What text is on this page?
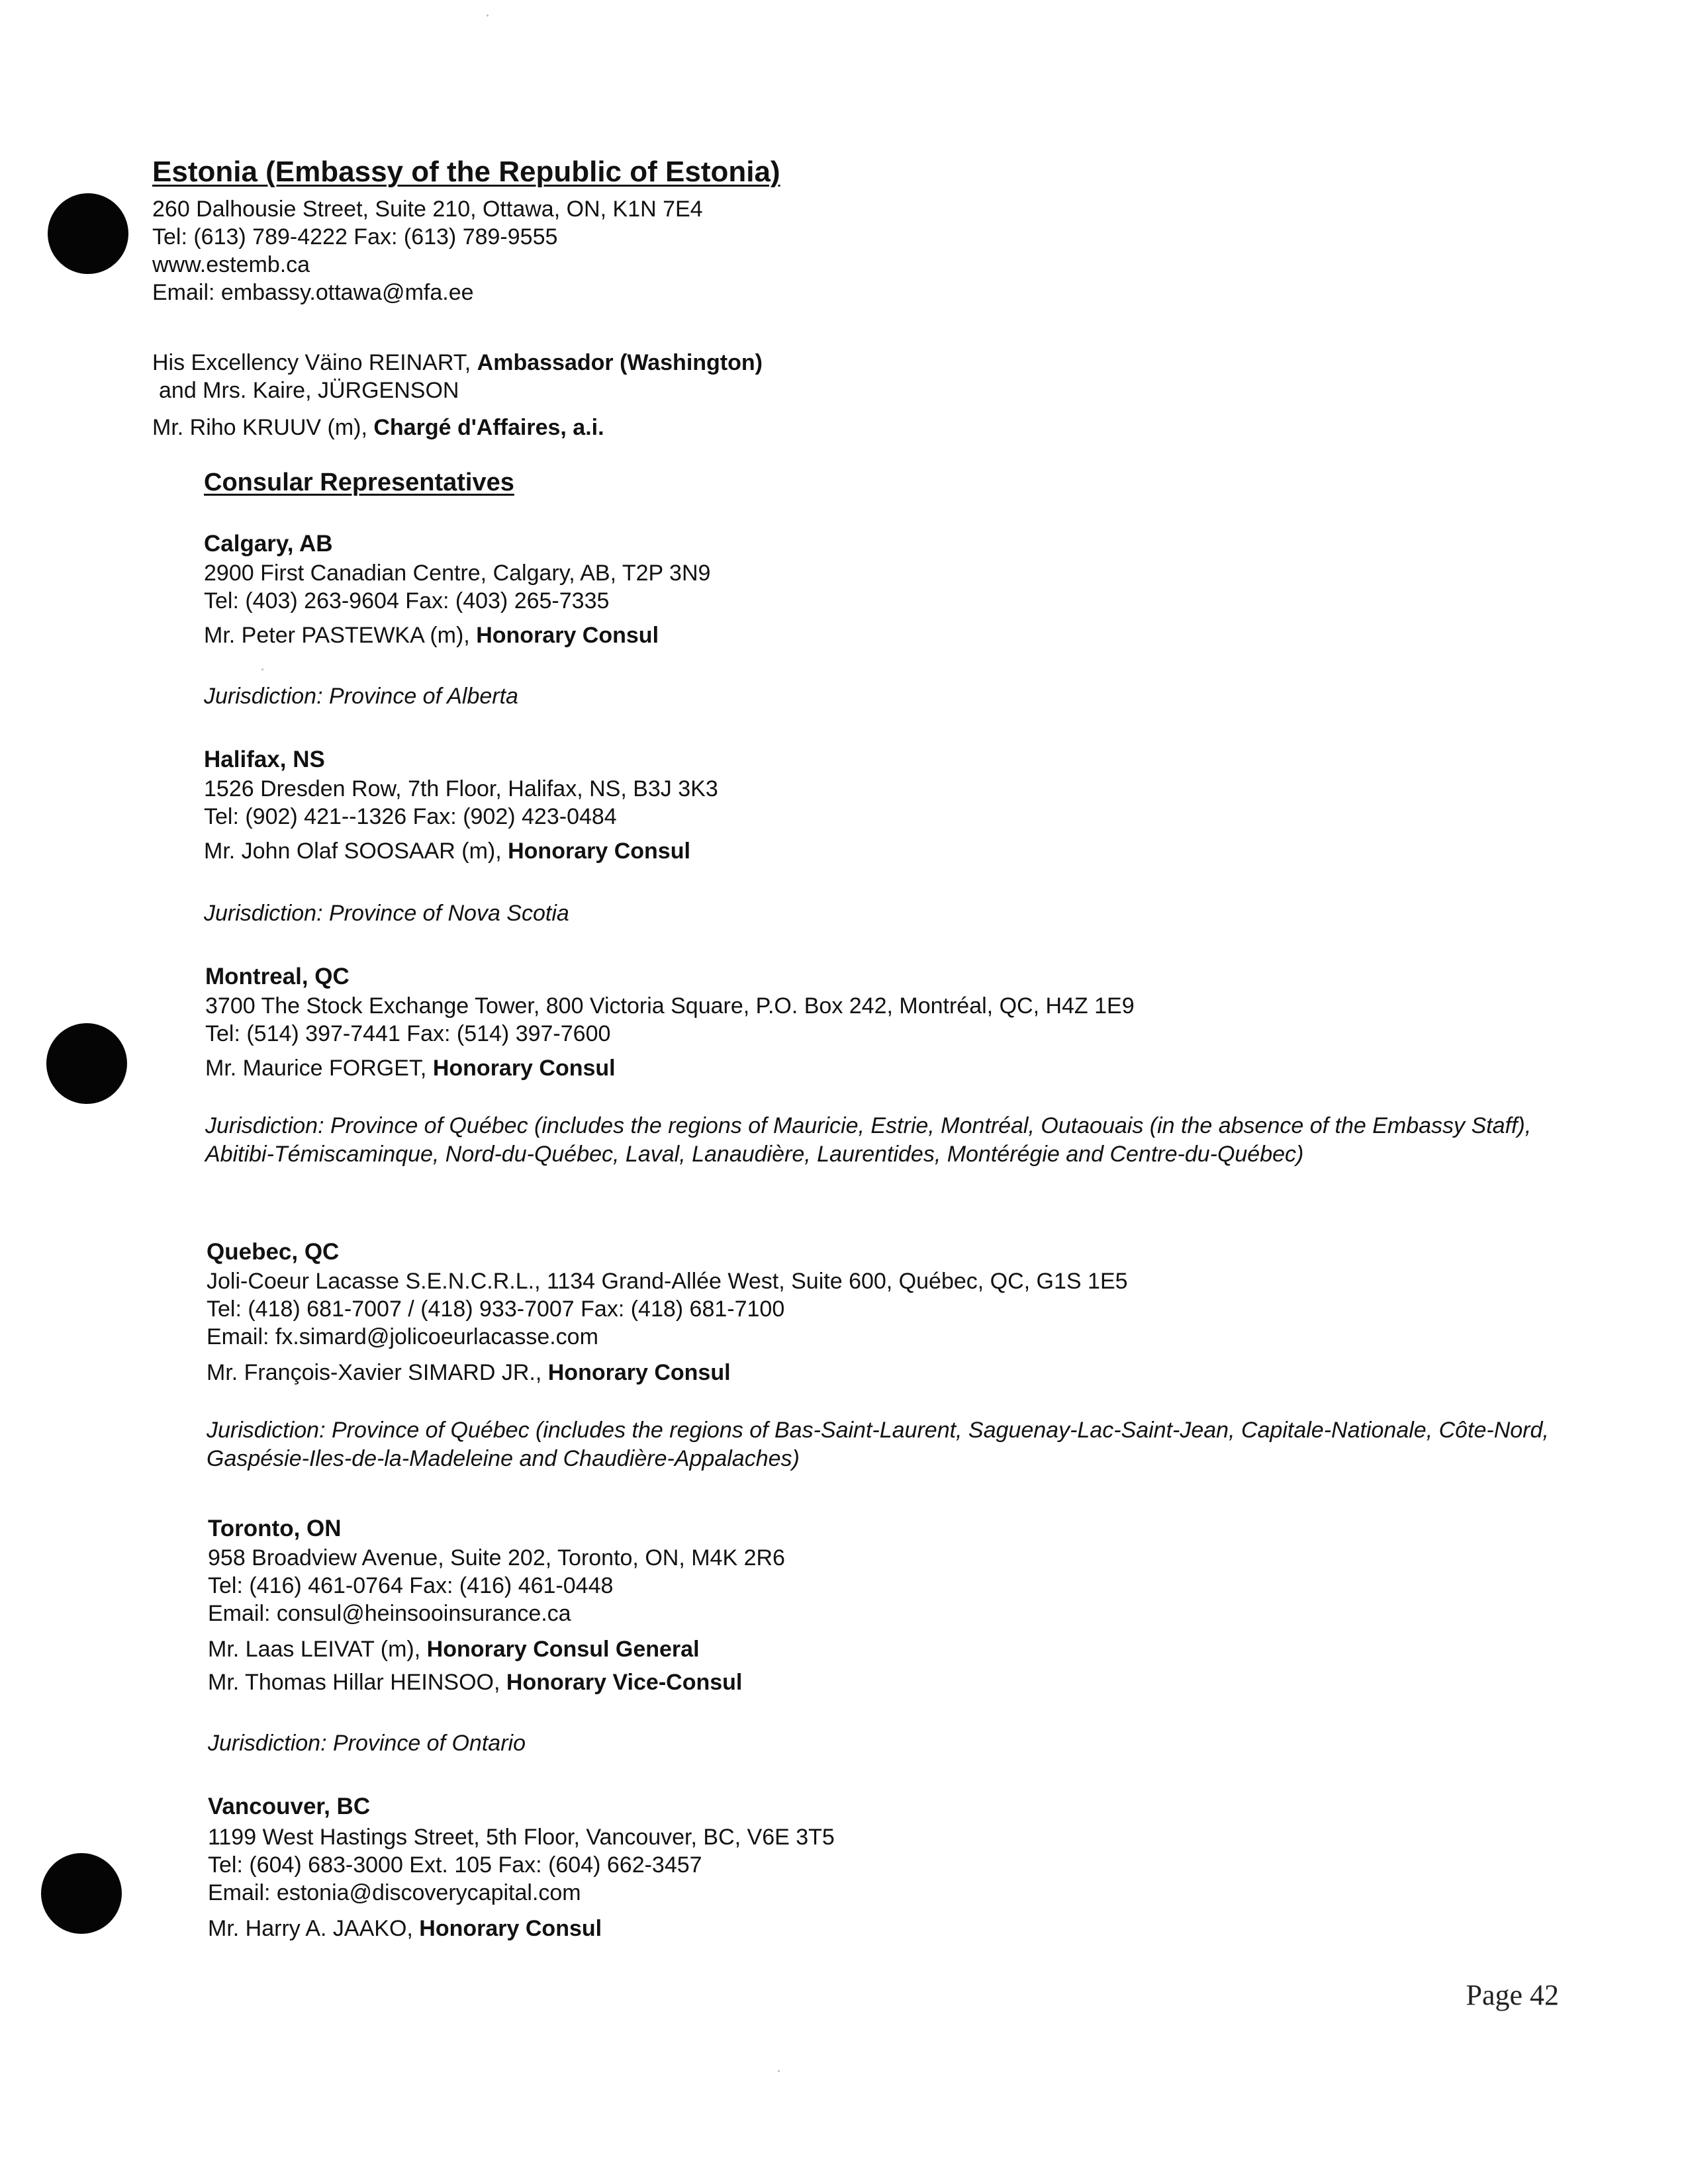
Estonia (Embassy of the Republic of Estonia)
260 Dalhousie Street, Suite 210, Ottawa, ON, K1N 7E4
Tel: (613) 789-4222 Fax: (613) 789-9555
www.estemb.ca
Email: embassy.ottawa@mfa.ee
His Excellency Väino REINART, Ambassador (Washington)
and Mrs. Kaire, JÜRGENSON
Mr. Riho KRUUV (m), Chargé d'Affaires, a.i.
Consular Representatives
Calgary, AB
2900 First Canadian Centre, Calgary, AB, T2P 3N9
Tel: (403) 263-9604 Fax: (403) 265-7335
Mr. Peter PASTEWKA (m), Honorary Consul
Jurisdiction: Province of Alberta
Halifax, NS
1526 Dresden Row, 7th Floor, Halifax, NS, B3J 3K3
Tel: (902) 421--1326 Fax: (902) 423-0484
Mr. John Olaf SOOSAAR (m), Honorary Consul
Jurisdiction: Province of Nova Scotia
Montreal, QC
3700 The Stock Exchange Tower, 800 Victoria Square, P.O. Box 242, Montréal, QC, H4Z 1E9
Tel: (514) 397-7441 Fax: (514) 397-7600
Mr. Maurice FORGET, Honorary Consul
Jurisdiction: Province of Québec (includes the regions of Mauricie, Estrie, Montréal, Outaouais (in the absence of the Embassy Staff), Abitibi-Témiscaminque, Nord-du-Québec, Laval, Lanaudière, Laurentides, Montérégie and Centre-du-Québec)
Quebec, QC
Joli-Coeur Lacasse S.E.N.C.R.L., 1134 Grand-Allée West, Suite 600, Québec, QC, G1S 1E5
Tel: (418) 681-7007 / (418) 933-7007 Fax: (418) 681-7100
Email: fx.simard@jolicoeurlacasse.com
Mr. François-Xavier SIMARD JR., Honorary Consul
Jurisdiction: Province of Québec (includes the regions of Bas-Saint-Laurent, Saguenay-Lac-Saint-Jean, Capitale-Nationale, Côte-Nord, Gaspésie-Iles-de-la-Madeleine and Chaudière-Appalaches)
Toronto, ON
958 Broadview Avenue, Suite 202, Toronto, ON, M4K 2R6
Tel: (416) 461-0764 Fax: (416) 461-0448
Email: consul@heinsooinsurance.ca
Mr. Laas LEIVAT (m), Honorary Consul General
Mr. Thomas Hillar HEINSOO, Honorary Vice-Consul
Jurisdiction: Province of Ontario
Vancouver, BC
1199 West Hastings Street, 5th Floor, Vancouver, BC, V6E 3T5
Tel: (604) 683-3000 Ext. 105 Fax: (604) 662-3457
Email: estonia@discoverycapital.com
Mr. Harry A. JAAKO, Honorary Consul
Page 42
